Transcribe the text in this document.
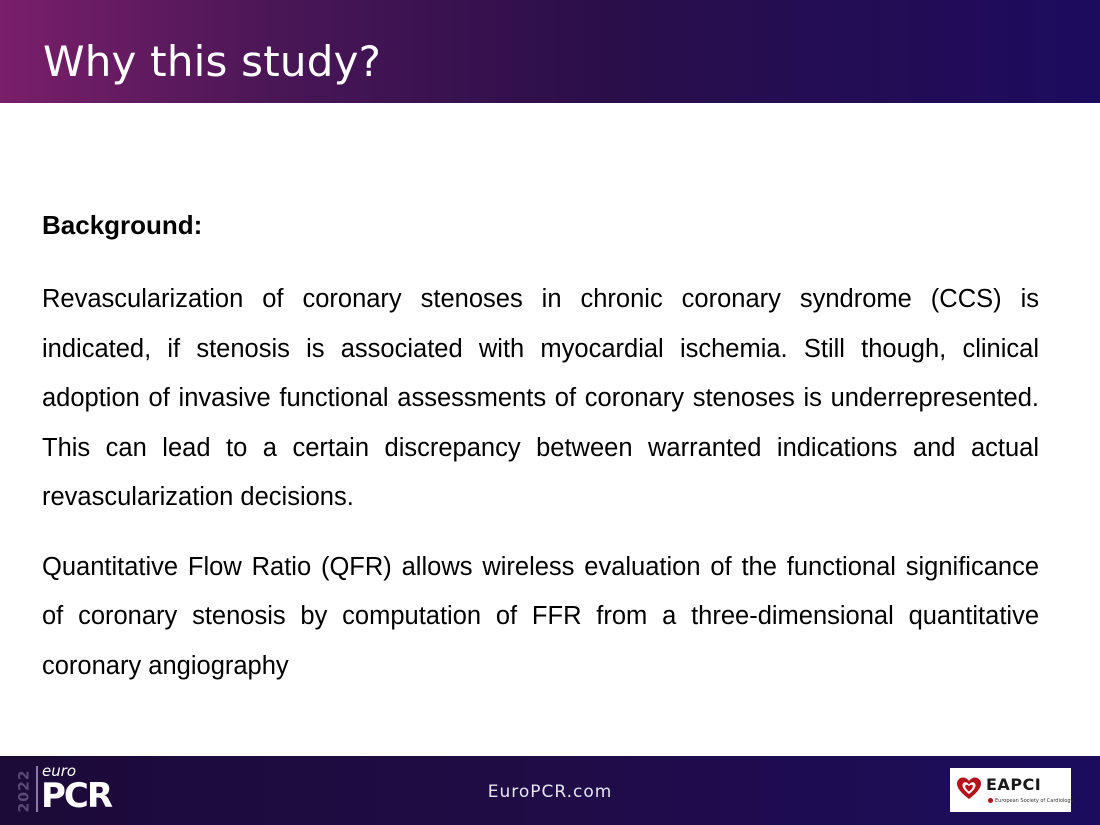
Why this study?
Background:

Revascularization of coronary stenoses in chronic coronary syndrome (CCS) is indicated, if stenosis is associated with myocardial ischemia. Still though, clinical adoption of invasive functional assessments of coronary stenoses is underrepresented. This can lead to a certain discrepancy between warranted indications and actual revascularization decisions.

Quantitative Flow Ratio (QFR) allows wireless evaluation of the functional significance of coronary stenosis by computation of FFR from a three-dimensional quantitative coronary angiography

2022 euro
PCR	EuroPCR.com	EAPCI
European Society of Cardiology
